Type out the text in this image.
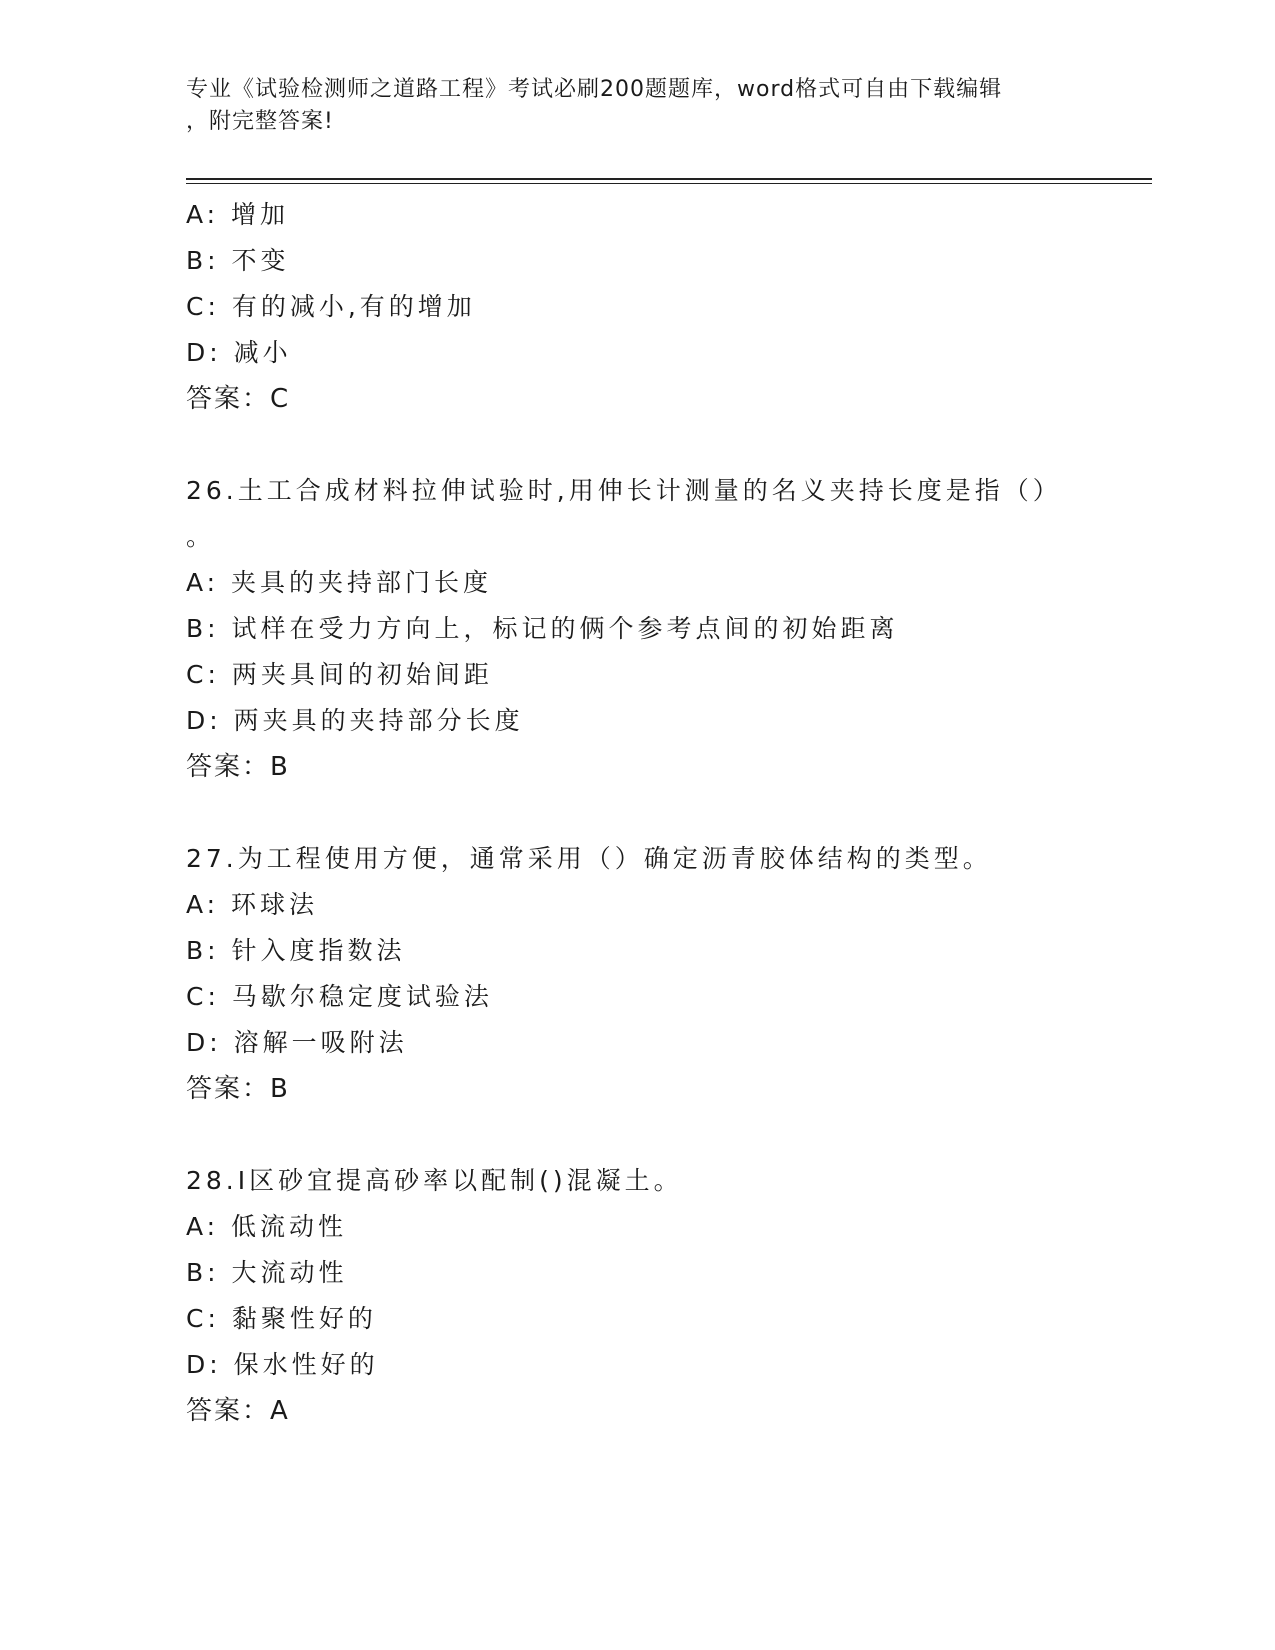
专业《试验检测师之道路工程》考试必刷200题题库，word格式可自由下载编辑
，附完整答案!
A: 增加
B: 不变
C: 有的减小,有的增加
D: 减小
答案：C
26.土工合成材料拉伸试验时,用伸长计测量的名义夹持长度是指（）
。
A: 夹具的夹持部门长度
B: 试样在受力方向上，标记的俩个参考点间的初始距离
C: 两夹具间的初始间距
D: 两夹具的夹持部分长度
答案：B
27.为工程使用方便，通常采用（）确定沥青胶体结构的类型。
A: 环球法
B: 针入度指数法
C: 马歇尔稳定度试验法
D: 溶解一吸附法
答案：B
28.I区砂宜提高砂率以配制()混凝土。
A: 低流动性
B: 大流动性
C: 黏聚性好的
D: 保水性好的
答案：A
